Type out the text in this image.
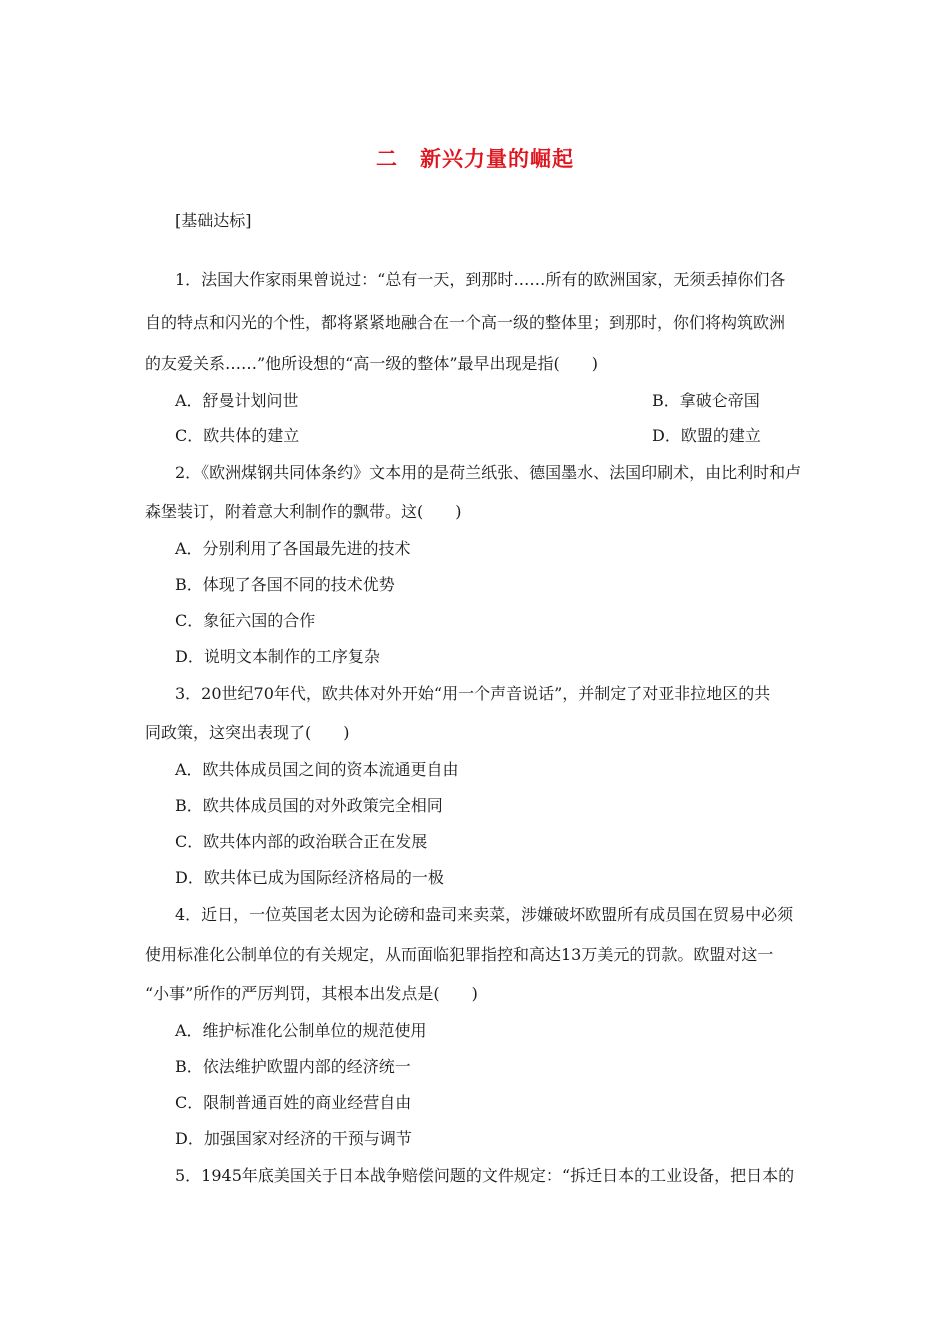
二 新兴力量的崛起
[基础达标]
1．法国大作家雨果曾说过：“总有一天，到那时……所有的欧洲国家，无须丢掉你们各
自的特点和闪光的个性，都将紧紧地融合在一个高一级的整体里；到那时，你们将构筑欧洲
的友爱关系……”他所设想的“高一级的整体”最早出现是指(　　)
A．舒曼计划问世	B．拿破仑帝国
C．欧共体的建立	D．欧盟的建立
2．《欧洲煤钢共同体条约》文本用的是荷兰纸张、德国墨水、法国印刷术，由比利时和卢
森堡装订，附着意大利制作的飘带。这(　　)
A．分别利用了各国最先进的技术
B．体现了各国不同的技术优势
C．象征六国的合作
D．说明文本制作的工序复杂
3．20世纪70年代，欧共体对外开始“用一个声音说话”，并制定了对亚非拉地区的共
同政策，这突出表现了(　　)
A．欧共体成员国之间的资本流通更自由
B．欧共体成员国的对外政策完全相同
C．欧共体内部的政治联合正在发展
D．欧共体已成为国际经济格局的一极
4．近日，一位英国老太因为论磅和盎司来卖菜，涉嫌破坏欧盟所有成员国在贸易中必须
使用标准化公制单位的有关规定，从而面临犯罪指控和高达13万美元的罚款。欧盟对这一
“小事”所作的严厉判罚，其根本出发点是(　　)
A．维护标准化公制单位的规范使用
B．依法维护欧盟内部的经济统一
C．限制普通百姓的商业经营自由
D．加强国家对经济的干预与调节
5．1945年底美国关于日本战争赔偿问题的文件规定：“拆迁日本的工业设备，把日本的
